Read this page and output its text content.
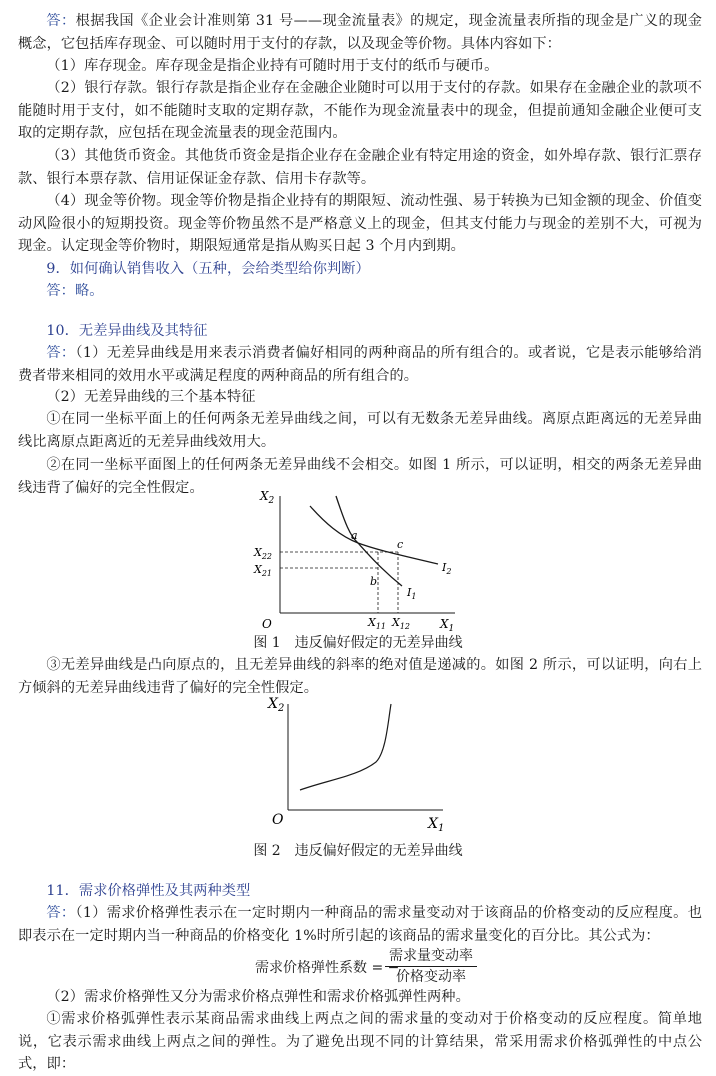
答：根据我国《企业会计准则第 31 号——现金流量表》的规定，现金流量表所指的现金是广义的现金概念，它包括库存现金、可以随时用于支付的存款，以及现金等价物。具体内容如下：

（1）库存现金。库存现金是指企业持有可随时用于支付的纸币与硬币。

（2）银行存款。银行存款是指企业存在金融企业随时可以用于支付的存款。如果存在金融企业的款项不能随时用于支付，如不能随时支取的定期存款，不能作为现金流量表中的现金，但提前通知金融企业便可支取的定期存款，应包括在现金流量表的现金范围内。

（3）其他货币资金。其他货币资金是指企业存在金融企业有特定用途的资金，如外埠存款、银行汇票存款、银行本票存款、信用证保证金存款、信用卡存款等。

（4）现金等价物。现金等价物是指企业持有的期限短、流动性强、易于转换为已知金额的现金、价值变动风险很小的短期投资。现金等价物虽然不是严格意义上的现金，但其支付能力与现金的差别不大，可视为现金。认定现金等价物时，期限短通常是指从购买日起 3 个月内到期。

9．如何确认销售收入（五种，会给类型给你判断）

答：略。

10．无差异曲线及其特征

答：（1）无差异曲线是用来表示消费者偏好相同的两种商品的所有组合的。或者说，它是表示能够给消费者带来相同的效用水平或满足程度的两种商品的所有组合的。

（2）无差异曲线的三个基本特征

①在同一坐标平面上的任何两条无差异曲线之间，可以有无数条无差异曲线。离原点距离远的无差异曲线比离原点距离近的无差异曲线效用大。

②在同一坐标平面图上的任何两条无差异曲线不会相交。如图 1 所示，可以证明，相交的两条无差异曲线违背了偏好的完全性假定。

$X_2$
$X_1$
O
$X_{22}$
$X_{21}$
$X_{11}$ $X_{12}$
a
b
c
$I_1$
$I_2$
图 1　违反偏好假定的无差异曲线

③无差异曲线是凸向原点的，且无差异曲线的斜率的绝对值是递减的。如图 2 所示，可以证明，向右上方倾斜的无差异曲线违背了偏好的完全性假定。

$X_2$
$X_1$
O
图 2　违反偏好假定的无差异曲线

11．需求价格弹性及其两种类型

答：（1）需求价格弹性表示在一定时期内一种商品的需求量变动对于该商品的价格变动的反应程度。也即表示在一定时期内当一种商品的价格变化 1%时所引起的该商品的需求量变化的百分比。其公式为：

需求价格弹性系数 = −
需求量变动率
价格变动率

（2）需求价格弹性又分为需求价格点弹性和需求价格弧弹性两种。

①需求价格弧弹性表示某商品需求曲线上两点之间的需求量的变动对于价格变动的反应程度。简单地说，它表示需求曲线上两点之间的弹性。为了避免出现不同的计算结果，常采用需求价格弧弹性的中点公式，即：
